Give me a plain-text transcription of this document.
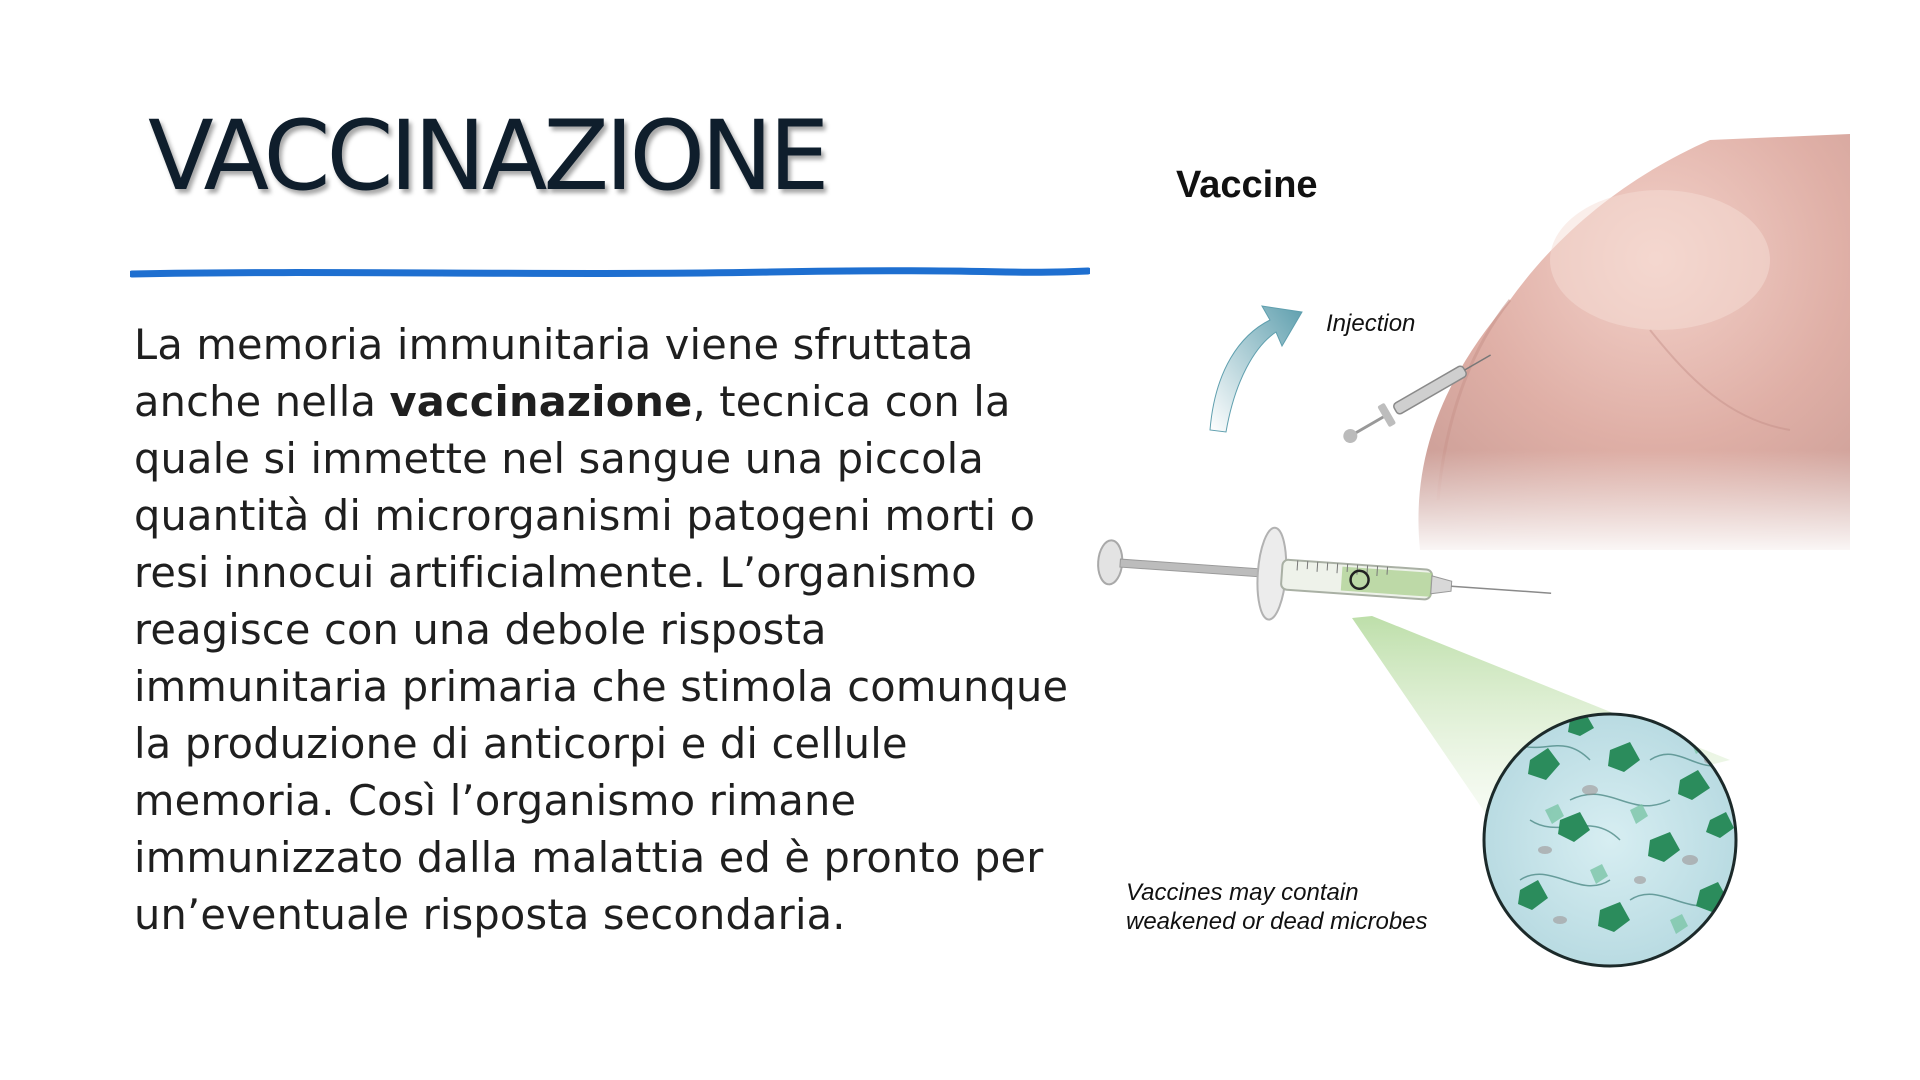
VACCINAZIONE

La memoria immunitaria viene sfruttata anche nella vaccinazione, tecnica con la quale si immette nel sangue una piccola quantità di microrganismi patogeni morti o resi innocui artificialmente. L’organismo reagisce con una debole risposta immunitaria primaria che stimola comunque la produzione di anticorpi e di cellule memoria. Così l’organismo rimane immunizzato dalla malattia ed è pronto per un’eventuale risposta secondaria.

Vaccine
Injection
Vaccines may contain
weakened or dead microbes
